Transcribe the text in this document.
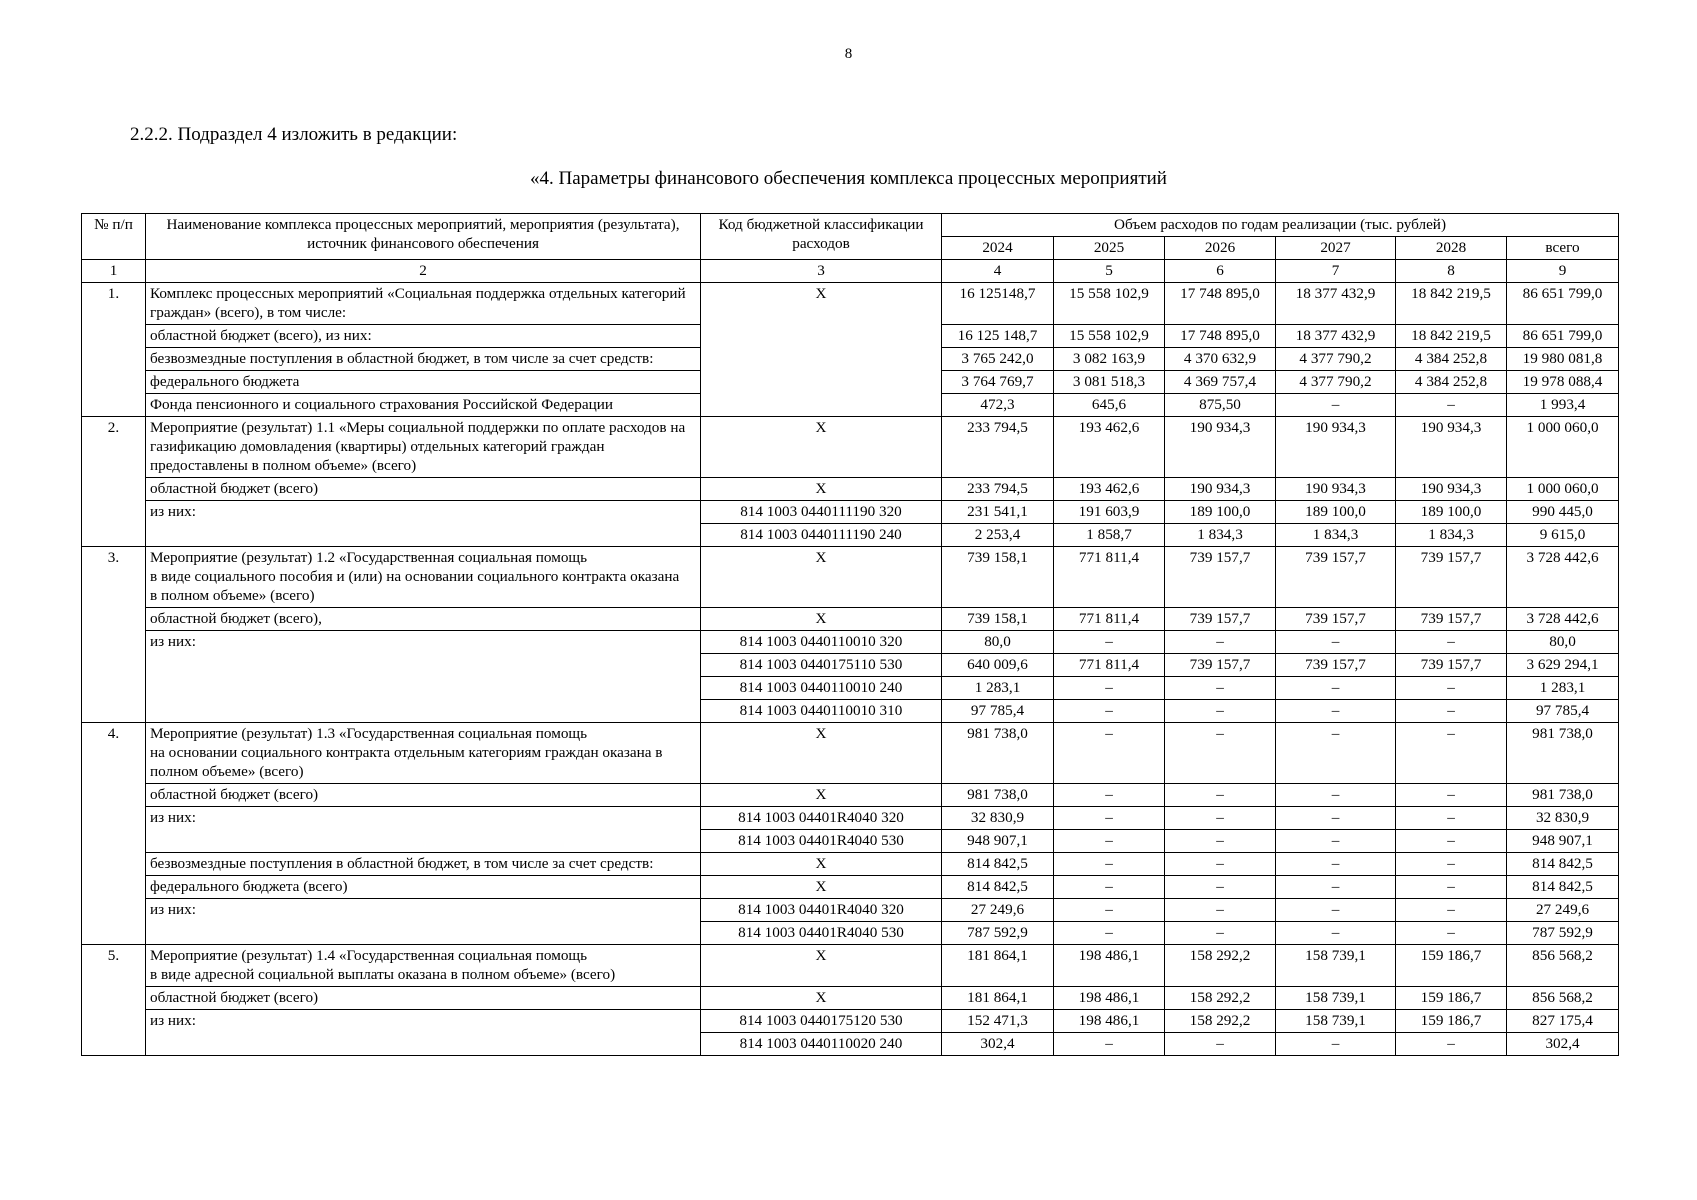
8
2.2.2. Подраздел 4 изложить в редакции:
«4. Параметры финансового обеспечения комплекса процессных мероприятий
№ п/п	Наименование комплекса процессных мероприятий, мероприятия (результата), источник финансового обеспечения	Код бюджетной классификации расходов	Объем расходов по годам реализации (тыс. рублей)					
			2024	2025	2026	2027	2028	всего
1	2	3	4	5	6	7	8	9
1.	Комплекс процессных мероприятий «Социальная поддержка отдельных категорий граждан» (всего), в том числе:	Х	16 125148,7	15 558 102,9	17 748 895,0	18 377 432,9	18 842 219,5	86 651 799,0
	областной бюджет (всего), из них:		16 125 148,7	15 558 102,9	17 748 895,0	18 377 432,9	18 842 219,5	86 651 799,0
	безвозмездные поступления в областной бюджет, в том числе за счет средств:		3 765 242,0	3 082 163,9	4 370 632,9	4 377 790,2	4 384 252,8	19 980 081,8
	федерального бюджета		3 764 769,7	3 081 518,3	4 369 757,4	4 377 790,2	4 384 252,8	19 978 088,4
	Фонда пенсионного и социального страхования Российской Федерации		472,3	645,6	875,50	–	–	1 993,4
2.	Мероприятие (результат) 1.1 «Меры социальной поддержки по оплате расходов на газификацию домовладения (квартиры) отдельных категорий граждан предоставлены в полном объеме» (всего)	Х	233 794,5	193 462,6	190 934,3	190 934,3	190 934,3	1 000 060,0
	областной бюджет (всего)	Х	233 794,5	193 462,6	190 934,3	190 934,3	190 934,3	1 000 060,0
	из них:	814 1003 0440111190 320	231 541,1	191 603,9	189 100,0	189 100,0	189 100,0	990 445,0
		814 1003 0440111190 240	2 253,4	1 858,7	1 834,3	1 834,3	1 834,3	9 615,0
3.	Мероприятие (результат) 1.2 «Государственная социальная помощь
в виде социального пособия и (или) на основании социального контракта оказана
в полном объеме» (всего)	Х	739 158,1	771 811,4	739 157,7	739 157,7	739 157,7	3 728 442,6
	областной бюджет (всего),	Х	739 158,1	771 811,4	739 157,7	739 157,7	739 157,7	3 728 442,6
	из них:	814 1003 0440110010 320	80,0	–	–	–	–	80,0
		814 1003 0440175110 530	640 009,6	771 811,4	739 157,7	739 157,7	739 157,7	3 629 294,1
		814 1003 0440110010 240	1 283,1	–	–	–	–	1 283,1
		814 1003 0440110010 310	97 785,4	–	–	–	–	97 785,4
4.	Мероприятие (результат) 1.3 «Государственная социальная помощь
на основании социального контракта отдельным категориям граждан оказана в полном объеме» (всего)	Х	981 738,0	–	–	–	–	981 738,0
	областной бюджет (всего)	Х	981 738,0	–	–	–	–	981 738,0
	из них:	814 1003 04401R4040 320	32 830,9	–	–	–	–	32 830,9
		814 1003 04401R4040 530	948 907,1	–	–	–	–	948 907,1
	безвозмездные поступления в областной бюджет, в том числе за счет средств:	Х	814 842,5	–	–	–	–	814 842,5
	федерального бюджета (всего)	Х	814 842,5	–	–	–	–	814 842,5
	из них:	814 1003 04401R4040 320	27 249,6	–	–	–	–	27 249,6
		814 1003 04401R4040 530	787 592,9	–	–	–	–	787 592,9
5.	Мероприятие (результат) 1.4 «Государственная социальная помощь
в виде адресной социальной выплаты оказана в полном объеме» (всего)	Х	181 864,1	198 486,1	158 292,2	158 739,1	159 186,7	856 568,2
	областной бюджет (всего)	Х	181 864,1	198 486,1	158 292,2	158 739,1	159 186,7	856 568,2
	из них:	814 1003 0440175120 530	152 471,3	198 486,1	158 292,2	158 739,1	159 186,7	827 175,4
		814 1003 0440110020 240	302,4	–	–	–	–	302,4
